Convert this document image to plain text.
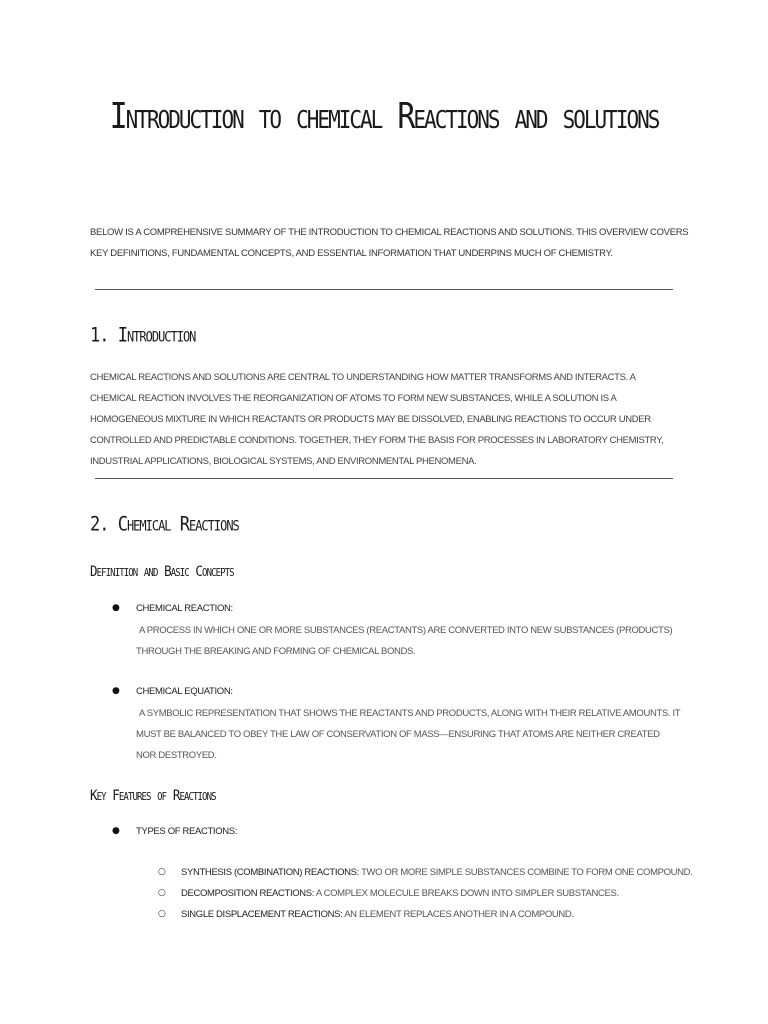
Introduction to chemical Reactions and solutions
BELOW IS A COMPREHENSIVE SUMMARY OF THE INTRODUCTION TO CHEMICAL REACTIONS AND SOLUTIONS. THIS OVERVIEW COVERS KEY DEFINITIONS, FUNDAMENTAL CONCEPTS, AND ESSENTIAL INFORMATION THAT UNDERPINS MUCH OF CHEMISTRY.
1. Introduction
CHEMICAL REACTIONS AND SOLUTIONS ARE CENTRAL TO UNDERSTANDING HOW MATTER TRANSFORMS AND INTERACTS. A CHEMICAL REACTION INVOLVES THE REORGANIZATION OF ATOMS TO FORM NEW SUBSTANCES, WHILE A SOLUTION IS A HOMOGENEOUS MIXTURE IN WHICH REACTANTS OR PRODUCTS MAY BE DISSOLVED, ENABLING REACTIONS TO OCCUR UNDER CONTROLLED AND PREDICTABLE CONDITIONS. TOGETHER, THEY FORM THE BASIS FOR PROCESSES IN LABORATORY CHEMISTRY, INDUSTRIAL APPLICATIONS, BIOLOGICAL SYSTEMS, AND ENVIRONMENTAL PHENOMENA.
2. Chemical Reactions
Definition and Basic Concepts
● CHEMICAL REACTION:
A PROCESS IN WHICH ONE OR MORE SUBSTANCES (REACTANTS) ARE CONVERTED INTO NEW SUBSTANCES (PRODUCTS) THROUGH THE BREAKING AND FORMING OF CHEMICAL BONDS.
● CHEMICAL EQUATION:
A SYMBOLIC REPRESENTATION THAT SHOWS THE REACTANTS AND PRODUCTS, ALONG WITH THEIR RELATIVE AMOUNTS. IT MUST BE BALANCED TO OBEY THE LAW OF CONSERVATION OF MASS—ENSURING THAT ATOMS ARE NEITHER CREATED NOR DESTROYED.
Key Features of Reactions
● TYPES OF REACTIONS:
○ SYNTHESIS (COMBINATION) REACTIONS: TWO OR MORE SIMPLE SUBSTANCES COMBINE TO FORM ONE COMPOUND.
○ DECOMPOSITION REACTIONS: A COMPLEX MOLECULE BREAKS DOWN INTO SIMPLER SUBSTANCES.
○ SINGLE DISPLACEMENT REACTIONS: AN ELEMENT REPLACES ANOTHER IN A COMPOUND.
